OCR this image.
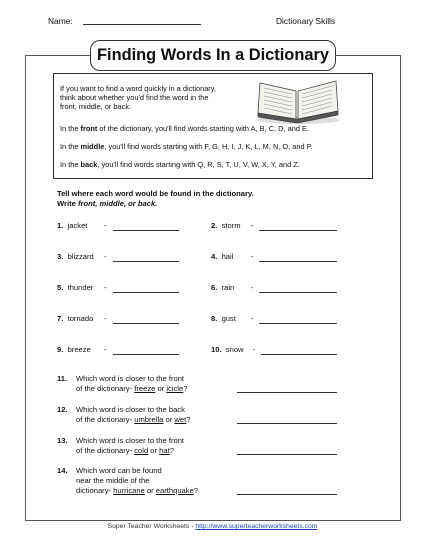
Name:	Dictionary Skills
Finding Words In a Dictionary
If you want to find a word quickly in a dictionary,
think about whether you'd find the word in the
front, middle, or back.
In the front of the dictionary, you'll find words starting with A, B, C, D, and E.
In the middle, you'll find words starting with F, G, H, I, J, K, L, M, N, O, and P.
In the back, you'll find words starting with Q, R, S, T, U, V, W, X, Y, and Z.
Tell where each word would be found in the dictionary.
Write front, middle, or back.
1. jacket -
3. blizzard -
5. thunder -
7. tornado -
9. breeze -
2. storm -
4. hail -
6. rain -
8. gust -
10. snow -
11. Which word is closer to the front
of the dictionary- freeze or icicle?
12. Which word is closer to the back
of the dictionary- umbrella or wet?
13. Which word is closer to the front
of the dictionary- cold or hat?
14. Which word can be found
near the middle of the
dictionary- hurricane or earthquake?
Super Teacher Worksheets - http://www.superteacherworksheets.com
